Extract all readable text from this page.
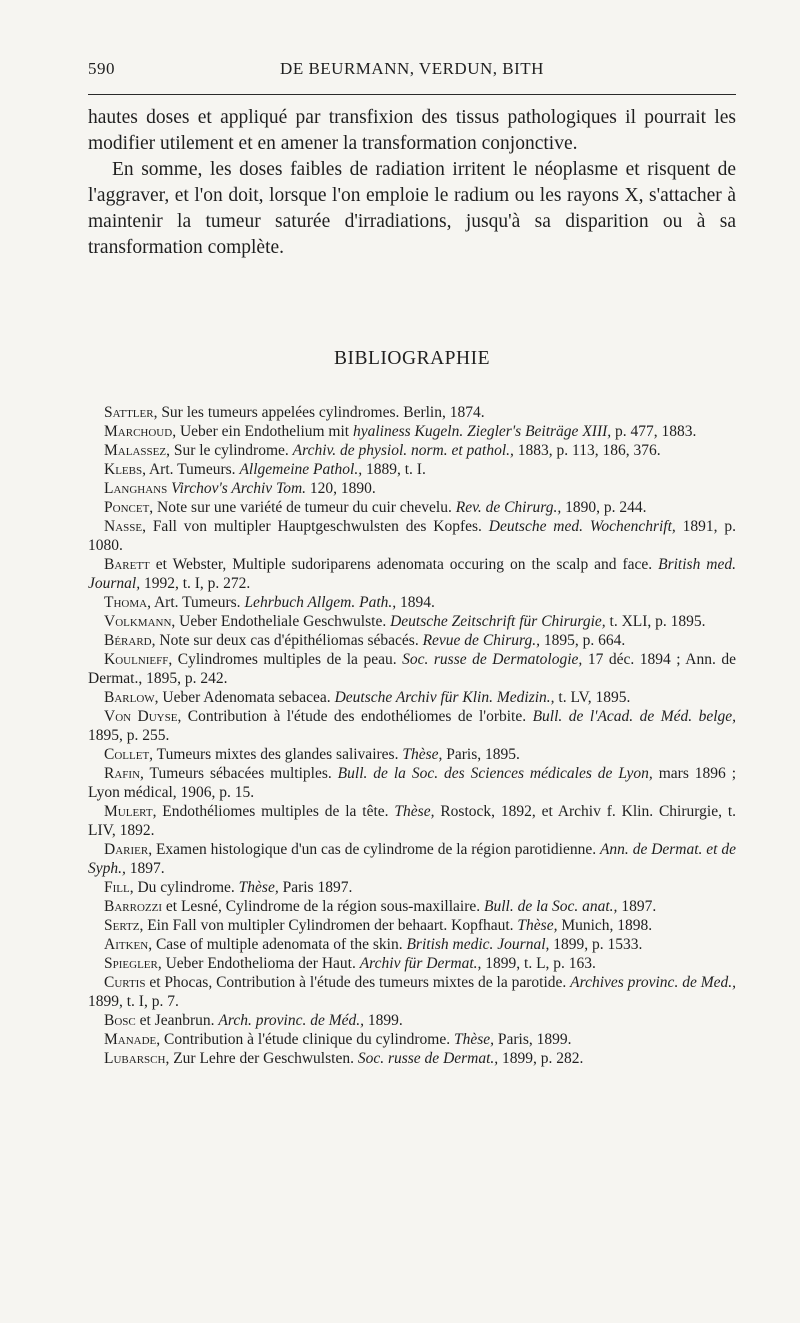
590	DE BEURMANN, VERDUN, BITH

hautes doses et appliqué par transfixion des tissus pathologiques il pourrait les modifier utilement et en amener la transformation conjonctive.

En somme, les doses faibles de radiation irritent le néoplasme et risquent de l'aggraver, et l'on doit, lorsque l'on emploie le radium ou les rayons X, s'attacher à maintenir la tumeur saturée d'irradiations, jusqu'à sa disparition ou à sa transformation complète.

BIBLIOGRAPHIE

Sattler, Sur les tumeurs appelées cylindromes. Berlin, 1874.

Marchoud, Ueber ein Endothelium mit hyaliness Kugeln. Ziegler's Beiträge XIII, p. 477, 1883.

Malassez, Sur le cylindrome. Archiv. de physiol. norm. et pathol., 1883, p. 113, 186, 376.

Klebs, Art. Tumeurs. Allgemeine Pathol., 1889, t. I.

Langhans Virchov's Archiv Tom. 120, 1890.

Poncet, Note sur une variété de tumeur du cuir chevelu. Rev. de Chirurg., 1890, p. 244.

Nasse, Fall von multipler Hauptgeschwulsten des Kopfes. Deutsche med. Wochenchrift, 1891, p. 1080.

Barett et Webster, Multiple sudoriparens adenomata occuring on the scalp and face. British med. Journal, 1992, t. I, p. 272.

Thoma, Art. Tumeurs. Lehrbuch Allgem. Path., 1894.

Volkmann, Ueber Endotheliale Geschwulste. Deutsche Zeitschrift für Chirurgie, t. XLI, p. 1895.

Bérard, Note sur deux cas d'épithéliomas sébacés. Revue de Chirurg., 1895, p. 664.

Koulnieff, Cylindromes multiples de la peau. Soc. russe de Dermatologie, 17 déc. 1894 ; Ann. de Dermat., 1895, p. 242.

Barlow, Ueber Adenomata sebacea. Deutsche Archiv für Klin. Medizin., t. LV, 1895.

Von Duyse, Contribution à l'étude des endothéliomes de l'orbite. Bull. de l'Acad. de Méd. belge, 1895, p. 255.

Collet, Tumeurs mixtes des glandes salivaires. Thèse, Paris, 1895.

Rafin, Tumeurs sébacées multiples. Bull. de la Soc. des Sciences médicales de Lyon, mars 1896 ; Lyon médical, 1906, p. 15.

Mulert, Endothéliomes multiples de la tête. Thèse, Rostock, 1892, et Archiv f. Klin. Chirurgie, t. LIV, 1892.

Darier, Examen histologique d'un cas de cylindrome de la région parotidienne. Ann. de Dermat. et de Syph., 1897.

Fill, Du cylindrome. Thèse, Paris 1897.

Barrozzi et Lesné, Cylindrome de la région sous-maxillaire. Bull. de la Soc. anat., 1897.

Sertz, Ein Fall von multipler Cylindromen der behaart. Kopfhaut. Thèse, Munich, 1898.

Aitken, Case of multiple adenomata of the skin. British medic. Journal, 1899, p. 1533.

Spiegler, Ueber Endothelioma der Haut. Archiv für Dermat., 1899, t. L, p. 163.

Curtis et Phocas, Contribution à l'étude des tumeurs mixtes de la parotide. Archives provinc. de Med., 1899, t. I, p. 7.

Bosc et Jeanbrun. Arch. provinc. de Méd., 1899.

Manade, Contribution à l'étude clinique du cylindrome. Thèse, Paris, 1899.

Lubarsch, Zur Lehre der Geschwulsten. Soc. russe de Dermat., 1899, p. 282.
